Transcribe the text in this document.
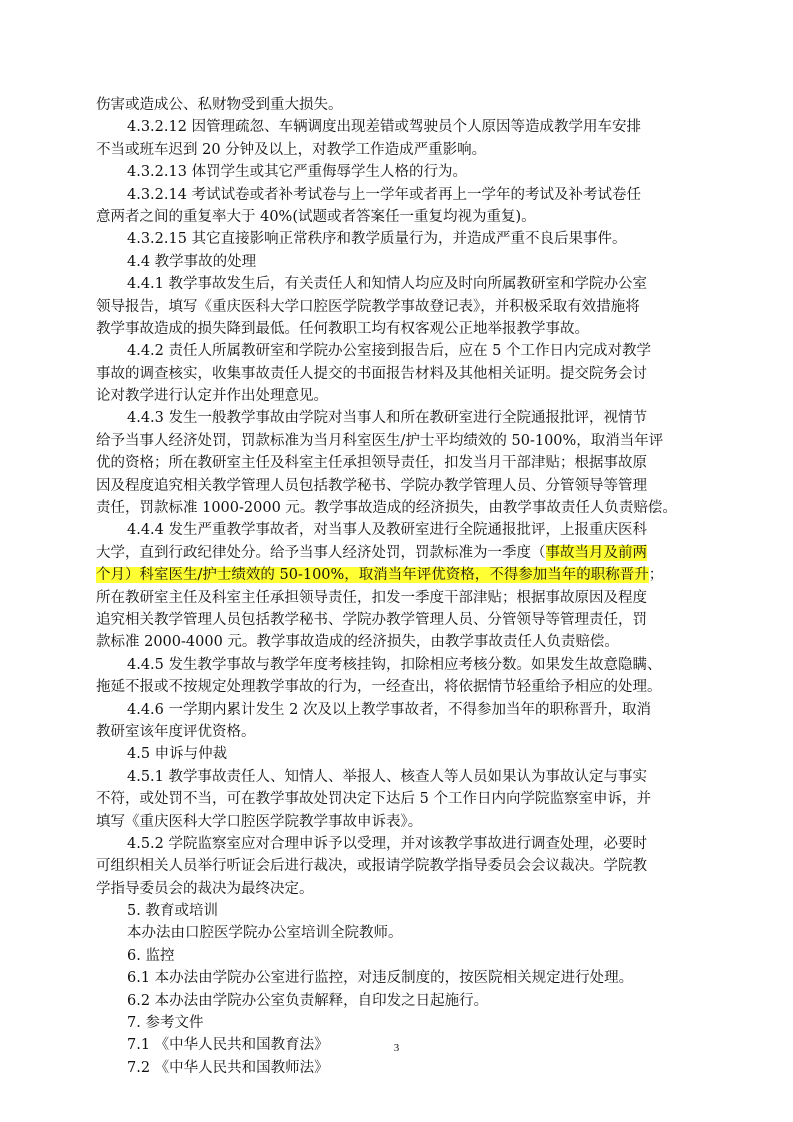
伤害或造成公、私财物受到重大损失。
4.3.2.12 因管理疏忽、车辆调度出现差错或驾驶员个人原因等造成教学用车安排
不当或班车迟到 20 分钟及以上，对教学工作造成严重影响。
4.3.2.13 体罚学生或其它严重侮辱学生人格的行为。
4.3.2.14 考试试卷或者补考试卷与上一学年或者再上一学年的考试及补考试卷任
意两者之间的重复率大于 40%(试题或者答案任一重复均视为重复)。
4.3.2.15 其它直接影响正常秩序和教学质量行为，并造成严重不良后果事件。
4.4 教学事故的处理
4.4.1 教学事故发生后，有关责任人和知情人均应及时向所属教研室和学院办公室
领导报告，填写《重庆医科大学口腔医学院教学事故登记表》，并积极采取有效措施将
教学事故造成的损失降到最低。任何教职工均有权客观公正地举报教学事故。
4.4.2 责任人所属教研室和学院办公室接到报告后，应在 5 个工作日内完成对教学
事故的调查核实，收集事故责任人提交的书面报告材料及其他相关证明。提交院务会讨
论对教学进行认定并作出处理意见。
4.4.3 发生一般教学事故由学院对当事人和所在教研室进行全院通报批评，视情节
给予当事人经济处罚，罚款标准为当月科室医生/护士平均绩效的 50-100%，取消当年评
优的资格；所在教研室主任及科室主任承担领导责任，扣发当月干部津贴；根据事故原
因及程度追究相关教学管理人员包括教学秘书、学院办教学管理人员、分管领导等管理
责任，罚款标准 1000-2000 元。教学事故造成的经济损失，由教学事故责任人负责赔偿。
4.4.4 发生严重教学事故者，对当事人及教研室进行全院通报批评，上报重庆医科
大学，直到行政纪律处分。给予当事人经济处罚，罚款标准为一季度（事故当月及前两
个月）科室医生/护士绩效的 50-100%，取消当年评优资格，不得参加当年的职称晋升；
所在教研室主任及科室主任承担领导责任，扣发一季度干部津贴；根据事故原因及程度
追究相关教学管理人员包括教学秘书、学院办教学管理人员、分管领导等管理责任，罚
款标准 2000-4000 元。教学事故造成的经济损失，由教学事故责任人负责赔偿。
4.4.5 发生教学事故与教学年度考核挂钩，扣除相应考核分数。如果发生故意隐瞒、
拖延不报或不按规定处理教学事故的行为，一经查出，将依据情节轻重给予相应的处理。
4.4.6 一学期内累计发生 2 次及以上教学事故者，不得参加当年的职称晋升，取消
教研室该年度评优资格。
4.5 申诉与仲裁
4.5.1 教学事故责任人、知情人、举报人、核查人等人员如果认为事故认定与事实
不符，或处罚不当，可在教学事故处罚决定下达后 5 个工作日内向学院监察室申诉，并
填写《重庆医科大学口腔医学院教学事故申诉表》。
4.5.2 学院监察室应对合理申诉予以受理，并对该教学事故进行调查处理，必要时
可组织相关人员举行听证会后进行裁决，或报请学院教学指导委员会会议裁决。学院教
学指导委员会的裁决为最终决定。
5. 教育或培训
本办法由口腔医学院办公室培训全院教师。
6. 监控
6.1 本办法由学院办公室进行监控，对违反制度的，按医院相关规定进行处理。
6.2 本办法由学院办公室负责解释，自印发之日起施行。
7. 参考文件
7.1 《中华人民共和国教育法》
7.2 《中华人民共和国教师法》
3
